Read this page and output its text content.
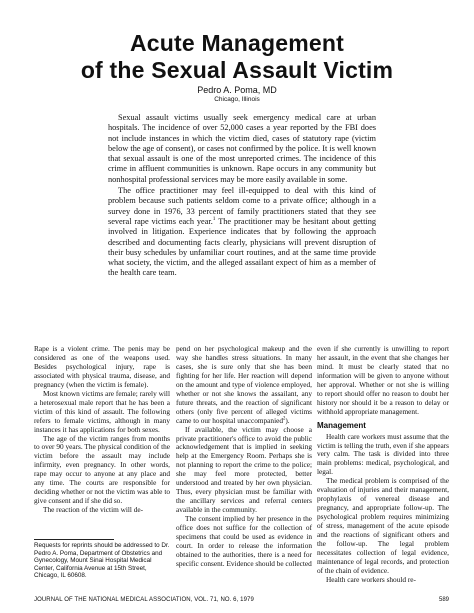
Acute Management
of the Sexual Assault Victim
Pedro A. Poma, MD
Chicago, Illinois

Sexual assault victims usually seek emergency medical care at urban hospitals. The incidence of over 52,000 cases a year reported by the FBI does not include instances in which the victim died, cases of statutory rape (victim below the age of consent), or cases not confirmed by the police. It is well known that sexual assault is one of the most unreported crimes. The incidence of this crime in affluent communities is unknown. Rape occurs in any community but nonhospital professional services may be more easily available in some.

The office practitioner may feel ill-equipped to deal with this kind of problem because such patients seldom come to a private office; although in a survey done in 1976, 33 percent of family practitioners stated that they see several rape victims each year.$^1$ The practitioner may be hesitant about getting involved in litigation. Experience indicates that by following the approach described and documenting facts clearly, physicians will prevent disruption of their busy schedules by unfamiliar court routines, and at the same time provide what society, the victim, and the alleged assailant expect of him as a member of the health care team.

Rape is a violent crime. The penis may be considered as one of the weapons used. Besides psychological injury, rape is associated with physical trauma, disease, and pregnancy (when the victim is female).

Most known victims are female; rarely will a heterosexual male report that he has been a victim of this kind of assault. The following refers to female victims, although in many instances it has applications for both sexes.

The age of the victim ranges from months to over 90 years. The physical condition of the victim before the assault may include infirmity, even pregnancy. In other words, rape may occur to anyone at any place and any time. The courts are responsible for deciding whether or not the victim was able to give consent and if she did so.

The reaction of the victim will de-

pend on her psychological makeup and the way she handles stress situations. In many cases, she is sure only that she has been fighting for her life. Her reaction will depend on the amount and type of violence employed, whether or not she knows the assailant, any future threats, and the reaction of significant others (only five percent of alleged victims came to our hospital unaccompanied$^2$).

If available, the victim may choose a private practitioner's office to avoid the public acknowledgement that is implied in seeking help at the Emergency Room. Perhaps she is not planning to report the crime to the police; she may feel more protected, better understood and treated by her own physician. Thus, every physician must be familiar with the ancillary services and referral centers available in the community.

The consent implied by her presence in the office does not suffice for the collection of specimens that could be used as evidence in court. In order to release the information obtained to the authorities, there is a need for specific consent. Evidence should be collected

even if she currently is unwilling to report her assault, in the event that she changes her mind. It must be clearly stated that no information will be given to anyone without her approval. Whether or not she is willing to report should offer no reason to doubt her history nor should it be a reason to delay or withhold appropriate management.

Management

Health care workers must assume that the victim is telling the truth, even if she appears very calm. The task is divided into three main problems: medical, psychological, and legal.

The medical problem is comprised of the evaluation of injuries and their management, prophylaxis of venereal disease and pregnancy, and appropriate follow-up. The psychological problem requires minimizing of stress, management of the acute episode and the reactions of significant others and the follow-up. The legal problem necessitates collection of legal evidence, maintenance of legal records, and protection of the chain of evidence.

Health care workers should re-

Requests for reprints should be addressed to Dr. Pedro A. Poma, Department of Obstetrics and Gynecology, Mount Sinai Hospital Medical Center, California Avenue at 15th Street, Chicago, IL 60608.
JOURNAL OF THE NATIONAL MEDICAL ASSOCIATION, VOL. 71, NO. 6, 1979	589
